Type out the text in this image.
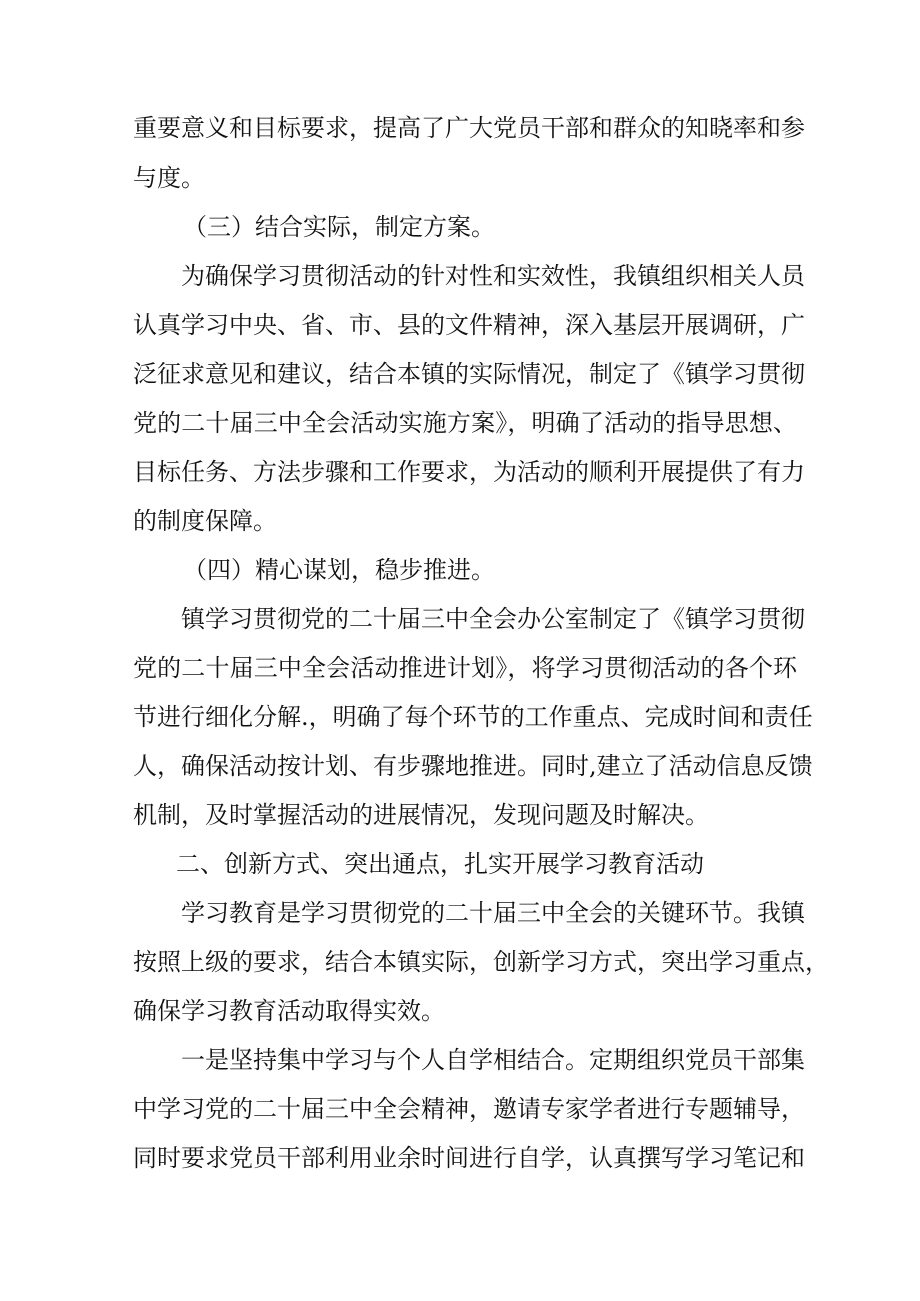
重要意义和目标要求，提高了广大党员干部和群众的知晓率和参
与度。
（三）结合实际，制定方案。
为确保学习贯彻活动的针对性和实效性，我镇组织相关人员
认真学习中央、省、市、县的文件精神，深入基层开展调研，广
泛征求意见和建议，结合本镇的实际情况，制定了《镇学习贯彻
党的二十届三中全会活动实施方案》，明确了活动的指导思想、
目标任务、方法步骤和工作要求，为活动的顺利开展提供了有力
的制度保障。
（四）精心谋划，稳步推进。
镇学习贯彻党的二十届三中全会办公室制定了《镇学习贯彻
党的二十届三中全会活动推进计划》，将学习贯彻活动的各个环
节进行细化分解.，明确了每个环节的工作重点、完成时间和责任
人，确保活动按计划、有步骤地推进。同时,建立了活动信息反馈
机制，及时掌握活动的进展情况，发现问题及时解决。
二、创新方式、突出通点，扎实开展学习教育活动
学习教育是学习贯彻党的二十届三中全会的关键环节。我镇
按照上级的要求，结合本镇实际，创新学习方式，突出学习重点，
确保学习教育活动取得实效。
一是坚持集中学习与个人自学相结合。定期组织党员干部集
中学习党的二十届三中全会精神，邀请专家学者进行专题辅导，
同时要求党员干部利用业余时间进行自学，认真撰写学习笔记和
